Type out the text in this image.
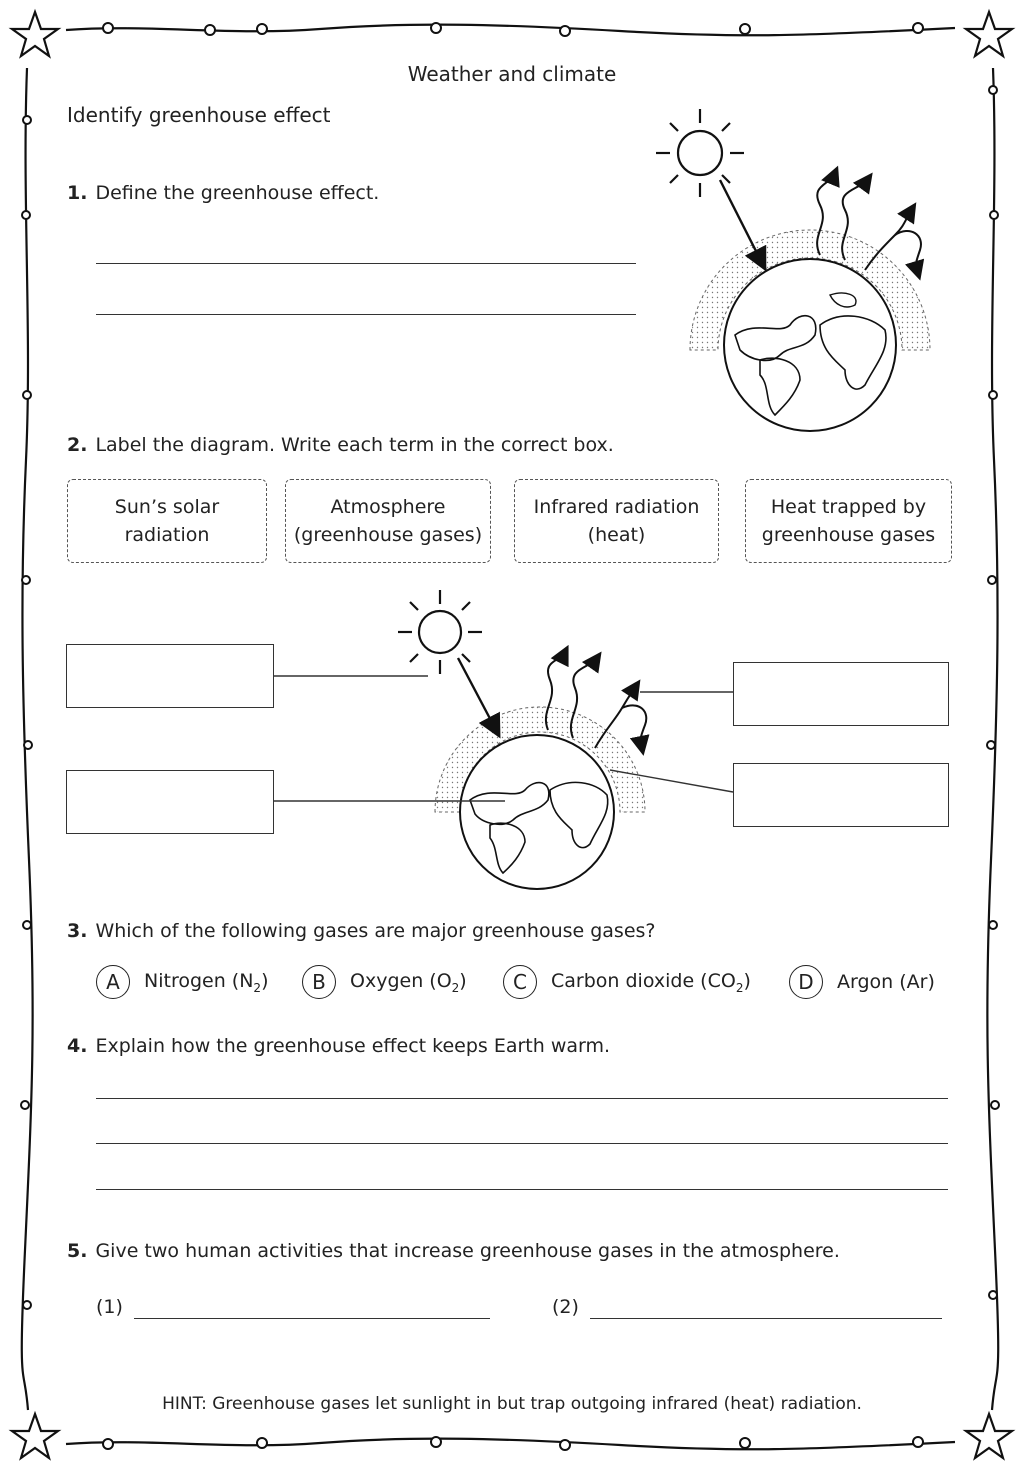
Weather and climate
Identify greenhouse effect
1. Define the greenhouse effect.
2. Label the diagram. Write each term in the correct box.
Sun’s solar
radiation
Atmosphere
(greenhouse gases)
Infrared radiation
(heat)
Heat trapped by
greenhouse gases
3. Which of the following gases are major greenhouse gases?
A	Nitrogen $(N_2)$	B	Oxygen $(O_2)$	C	Carbon dioxide $(CO_2)$	D	Argon (Ar)
4. Explain how the greenhouse effect keeps Earth warm.
5. Give two human activities that increase greenhouse gases in the atmosphere.
(1)	(2)
HINT: Greenhouse gases let sunlight in but trap outgoing infrared (heat) radiation.
